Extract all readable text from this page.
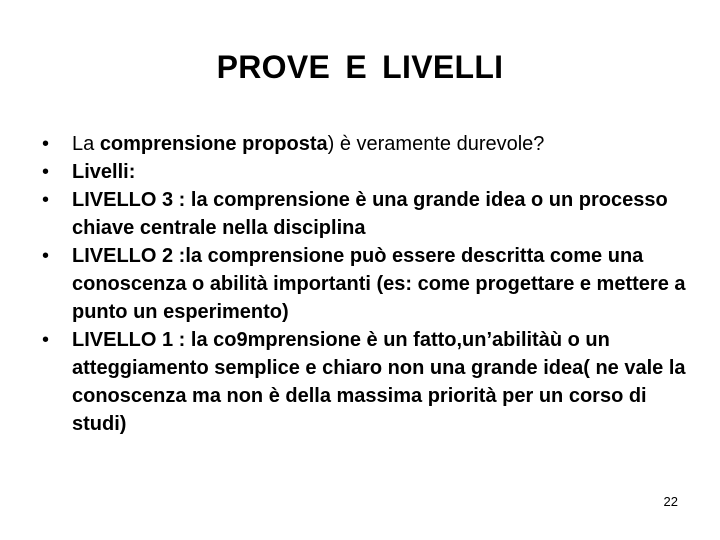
PROVE E LIVELLI
• La comprensione proposta) è veramente durevole?
• Livelli:
• LIVELLO 3 : la comprensione è una grande idea o un processo chiave centrale nella disciplina
• LIVELLO 2 :la comprensione può essere descritta come una conoscenza o abilità importanti (es: come progettare e mettere a punto un esperimento)
• LIVELLO 1 : la co9mprensione è un fatto,un’abilitàù o un atteggiamento semplice e chiaro non una grande idea( ne vale la conoscenza ma non è della massima priorità per un corso di studi)
22
